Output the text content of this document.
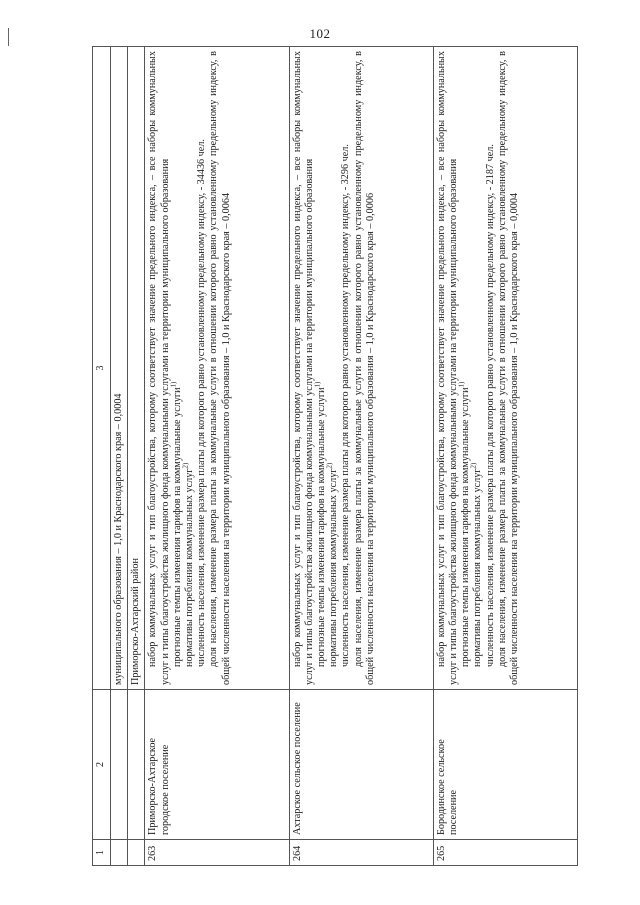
102
1	2	3
		муниципального образования – 1,0 и Краснодарского края – 0,0004
		Приморско-Ахтарский район
263	Приморско-Ахтарское городское поселение	набор коммунальных услуг и тип благоустройства, которому соответствует значение предельного индекса, – все наборы коммунальных услуг и типы благоустройства жилищного фонда коммунальными услугами на территории муниципального образования прогнозные темпы изменения тарифов на коммунальные услуги$^{1)}$

нормативы потребления коммунальных услуг$^{2)}$ численность населения, изменение размера платы для которого равно установленному предельному индексу, - 34436 чел. доля населения, изменение размера платы за коммунальные услуги в отношении которого равно установленному предельному индексу, в общей численности населения на территории муниципального образования – 1,0 и Краснодарского края – 0,0064

264	Ахтарское сельское поселение	набор коммунальных услуг и тип благоустройства, которому соответствует значение предельного индекса, – все наборы коммунальных услуг и типы благоустройства жилищного фонда коммунальными услугами на территории муниципального образования прогнозные темпы изменения тарифов на коммунальные услуги$^{1)}$

нормативы потребления коммунальных услуг$^{2)}$ численность населения, изменение размера платы для которого равно установленному предельному индексу, - 3296 чел. доля населения, изменение размера платы за коммунальные услуги в отношении которого равно установленному предельному индексу, в общей численности населения на территории муниципального образования – 1,0 и Краснодарского края – 0,0006

265	Бородинское сельское поселение	набор коммунальных услуг и тип благоустройства, которому соответствует значение предельного индекса, – все наборы коммунальных услуг и типы благоустройства жилищного фонда коммунальными услугами на территории муниципального образования прогнозные темпы изменения тарифов на коммунальные услуги$^{1)}$

нормативы потребления коммунальных услуг$^{2)}$ численность населения, изменение размера платы для которого равно установленному предельному индексу, - 2187 чел. доля населения, изменение размера платы за коммунальные услуги в отношении которого равно установленному предельному индексу, в общей численности населения на территории муниципального образования – 1,0 и Краснодарского края – 0,0004
